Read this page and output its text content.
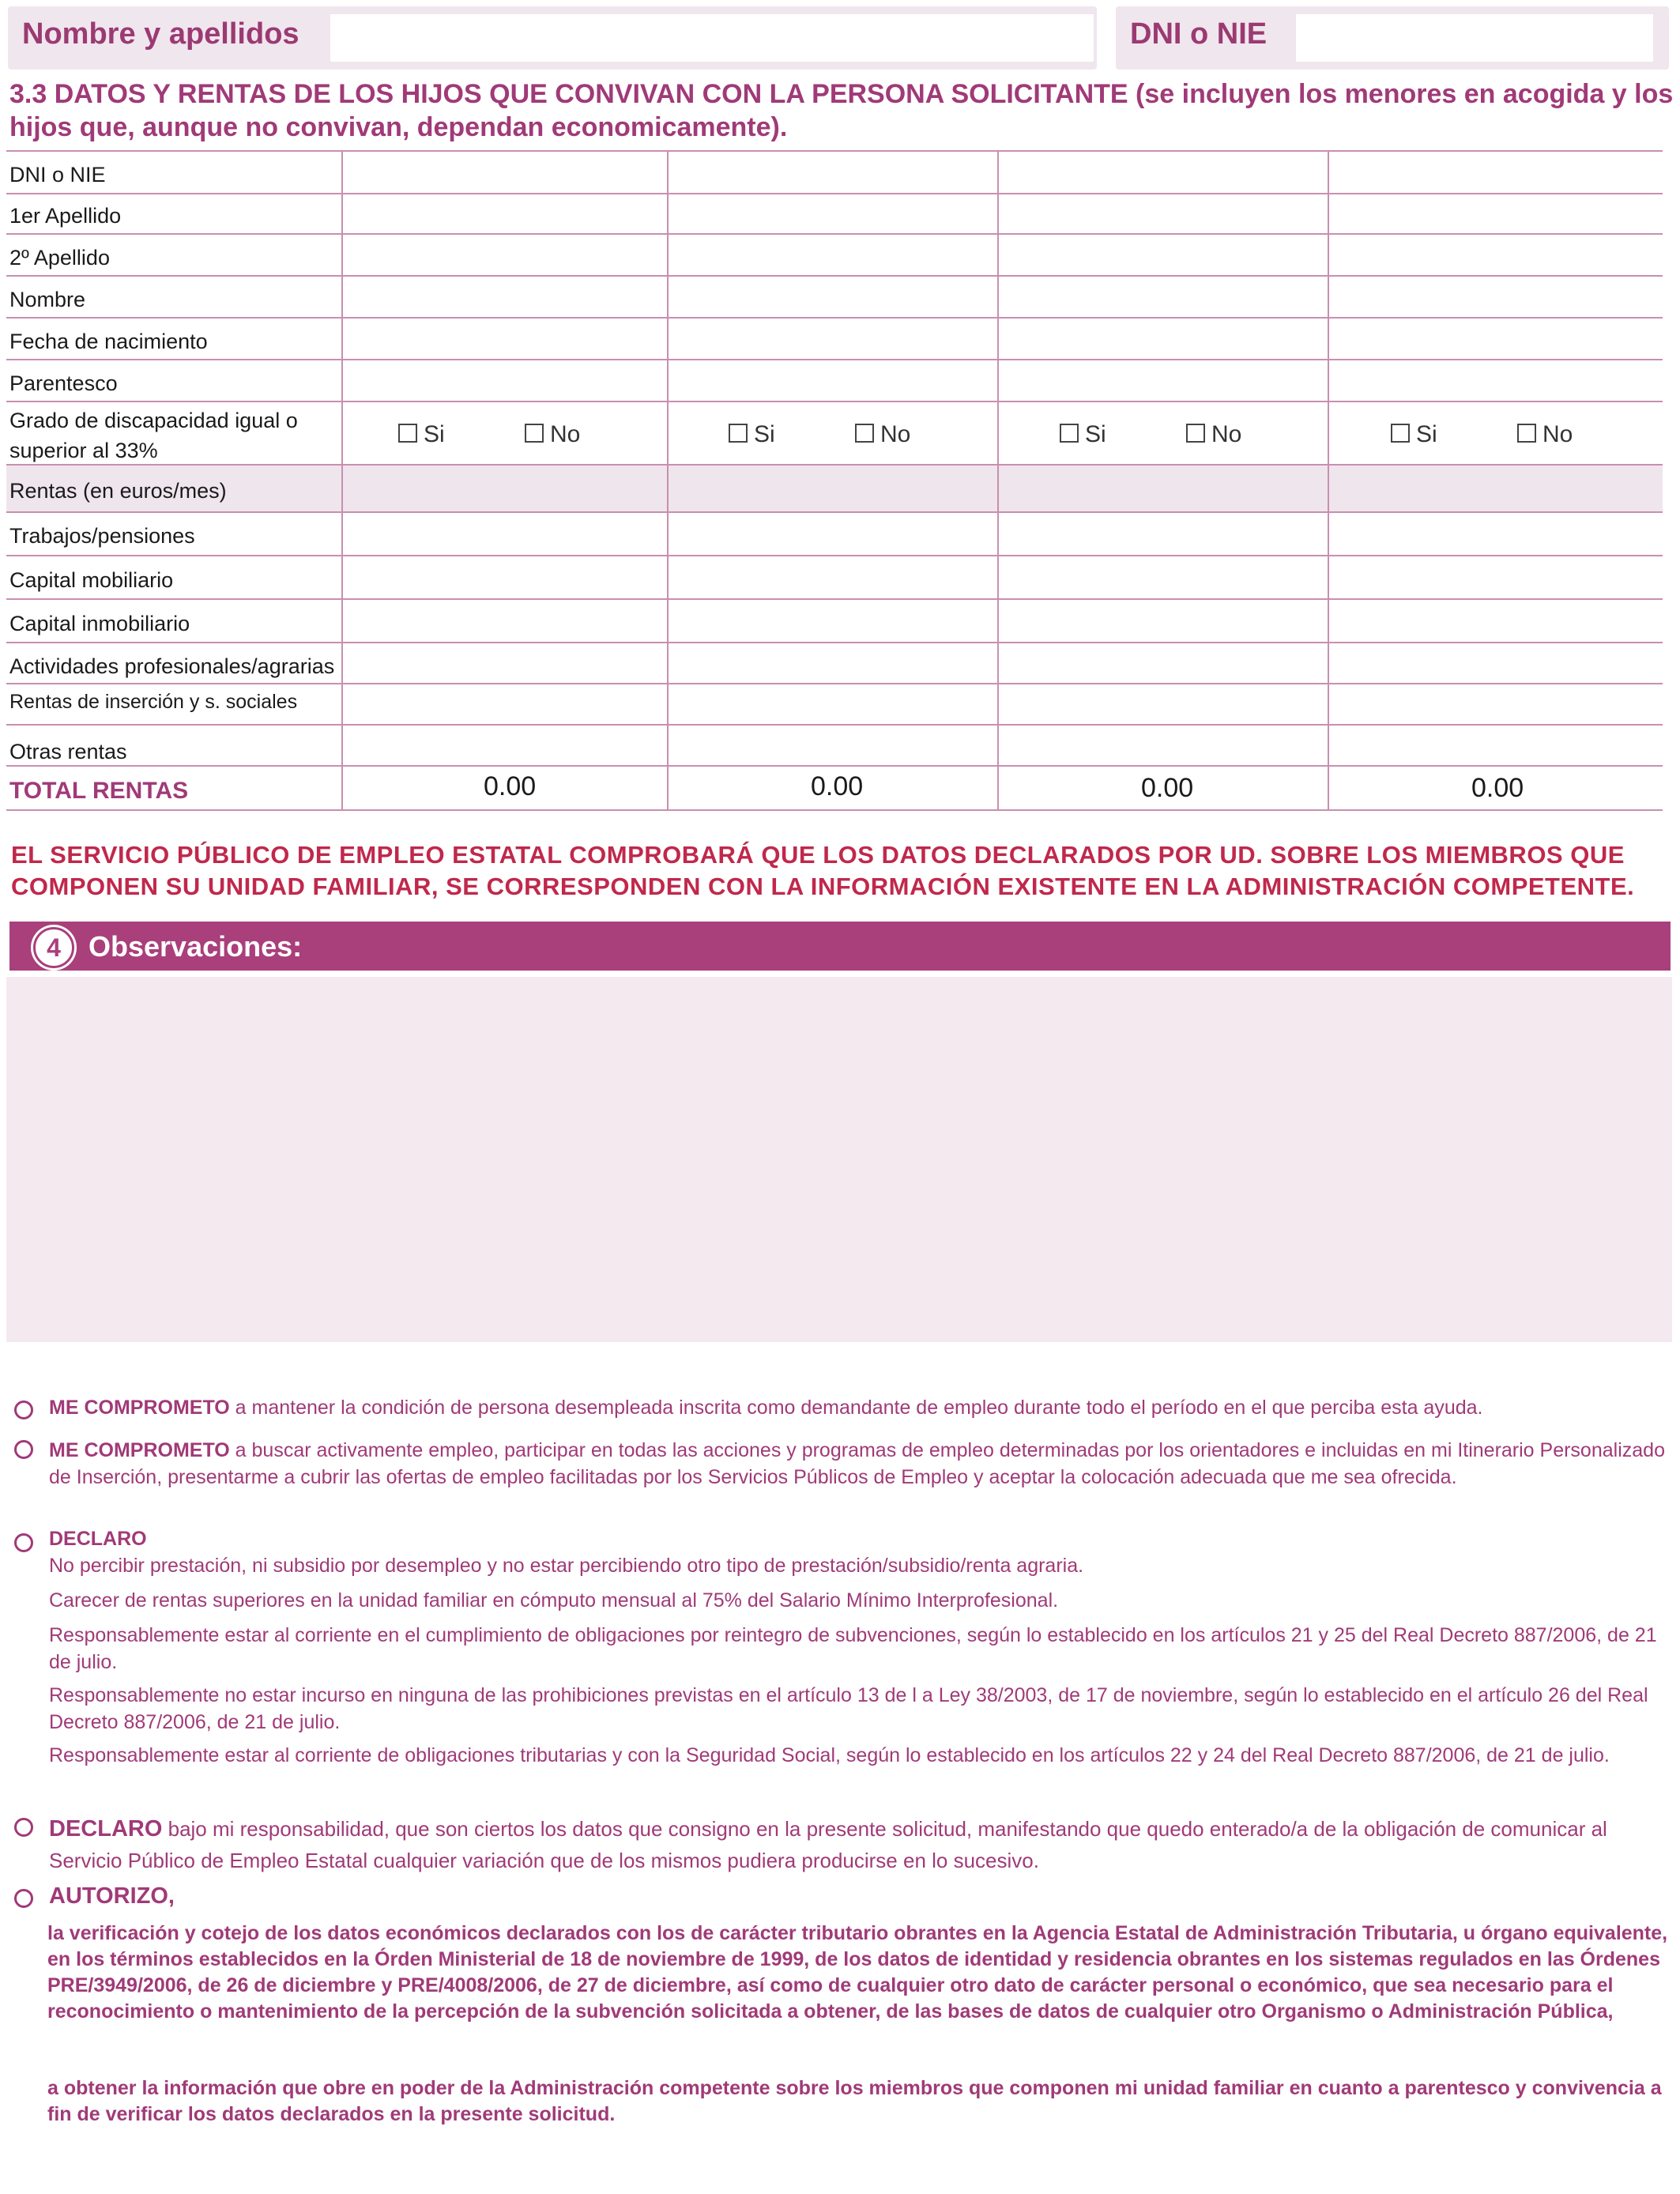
Nombre y apellidos	DNI o NIE
3.3 DATOS Y RENTAS DE LOS HIJOS QUE CONVIVAN CON LA PERSONA SOLICITANTE (se incluyen los menores en acogida y los hijos que, aunque no convivan, dependan economicamente).
DNI o NIE
1er Apellido
2º Apellido
Nombre
Fecha de nacimiento
Parentesco
Grado de discapacidad igual o
superior al 33%
Si	No	Si	No	Si	No	Si	No
Rentas (en euros/mes)
Trabajos/pensiones
Capital mobiliario
Capital inmobiliario
Actividades profesionales/agrarias
Rentas de inserción y s. sociales
Otras rentas
TOTAL RENTAS	0.00	0.00	0.00	0.00
EL SERVICIO PÚBLICO DE EMPLEO ESTATAL COMPROBARÁ QUE LOS DATOS DECLARADOS POR UD. SOBRE LOS MIEMBROS QUE COMPONEN SU UNIDAD FAMILIAR, SE CORRESPONDEN CON LA INFORMACIÓN EXISTENTE EN LA ADMINISTRACIÓN COMPETENTE.
4 Observaciones:
ME COMPROMETO a mantener la condición de persona desempleada inscrita como demandante de empleo durante todo el período en el que perciba esta ayuda.
ME COMPROMETO a buscar activamente empleo, participar en todas las acciones y programas de empleo determinadas por los orientadores e incluidas en mi Itinerario Personalizado de Inserción, presentarme a cubrir las ofertas de empleo facilitadas por los Servicios Públicos de Empleo y aceptar la colocación adecuada que me sea ofrecida.
DECLARO
No percibir prestación, ni subsidio por desempleo y no estar percibiendo otro tipo de prestación/subsidio/renta agraria.
Carecer de rentas superiores en la unidad familiar en cómputo mensual al 75% del Salario Mínimo Interprofesional.
Responsablemente estar al corriente en el cumplimiento de obligaciones por reintegro de subvenciones, según lo establecido en los artículos 21 y 25 del Real Decreto 887/2006, de 21 de julio.
Responsablemente no estar incurso en ninguna de las prohibiciones previstas en el artículo 13 de l a Ley 38/2003, de 17 de noviembre, según lo establecido en el artículo 26 del Real Decreto 887/2006, de 21 de julio.
Responsablemente estar al corriente de obligaciones tributarias y con la Seguridad Social, según lo establecido en los artículos 22 y 24 del Real Decreto 887/2006, de 21 de julio.
DECLARO bajo mi responsabilidad, que son ciertos los datos que consigno en la presente solicitud, manifestando que quedo enterado/a de la obligación de comunicar al Servicio Público de Empleo Estatal cualquier variación que de los mismos pudiera producirse en lo sucesivo.
AUTORIZO,
la verificación y cotejo de los datos económicos declarados con los de carácter tributario obrantes en la Agencia Estatal de Administración Tributaria, u órgano equivalente, en los términos establecidos en la Órden Ministerial de 18 de noviembre de 1999, de los datos de identidad y residencia obrantes en los sistemas regulados en las Órdenes PRE/3949/2006, de 26 de diciembre y PRE/4008/2006, de 27 de diciembre, así como de cualquier otro dato de carácter personal o económico, que sea necesario para el reconocimiento o mantenimiento de la percepción de la subvención solicitada a obtener, de las bases de datos de cualquier otro Organismo o Administración Pública,
a obtener la información que obre en poder de la Administración competente sobre los miembros que componen mi unidad familiar en cuanto a parentesco y convivencia a fin de verificar los datos declarados en la presente solicitud.
